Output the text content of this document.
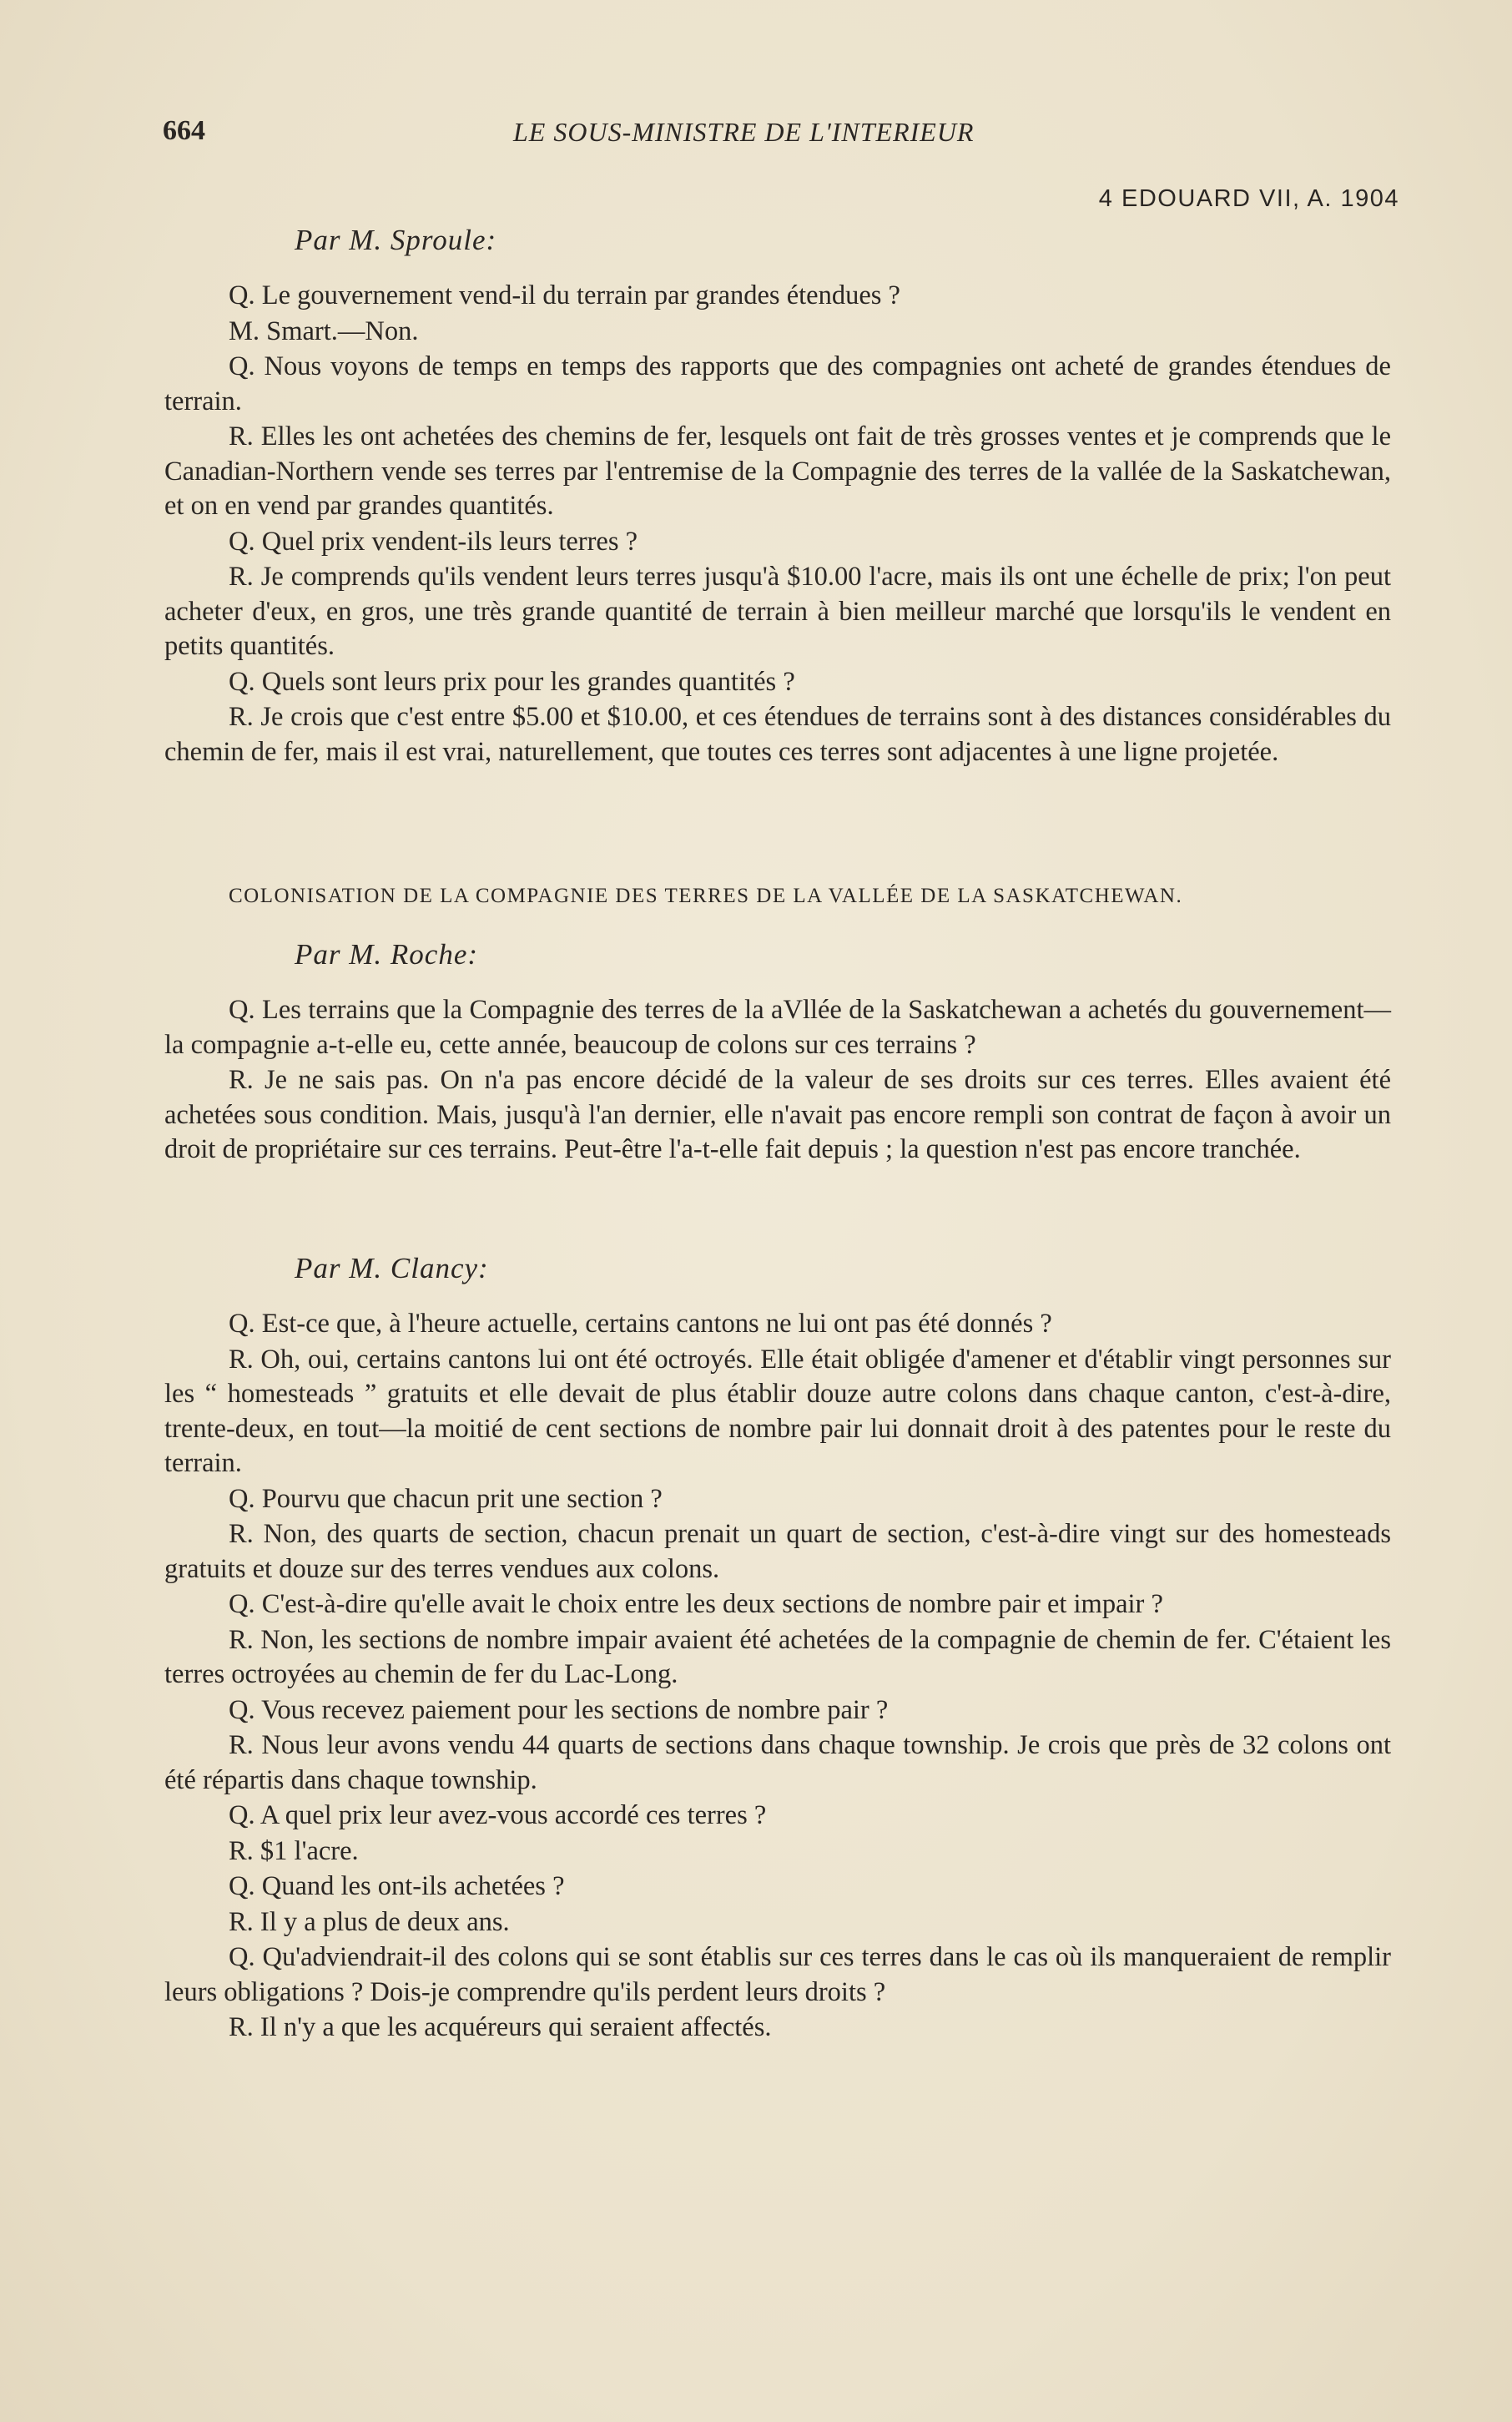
664	LE SOUS-MINISTRE DE L'INTERIEUR
4 EDOUARD VII, A. 1904
Par M. Sproule:

Q. Le gouvernement vend-il du terrain par grandes étendues ?

M. Smart.—Non.

Q. Nous voyons de temps en temps des rapports que des compagnies ont acheté de grandes étendues de terrain.

R. Elles les ont achetées des chemins de fer, lesquels ont fait de très grosses ventes et je comprends que le Canadian-Northern vende ses terres par l'entremise de la Compagnie des terres de la vallée de la Saskatchewan, et on en vend par grandes quantités.

Q. Quel prix vendent-ils leurs terres ?

R. Je comprends qu'ils vendent leurs terres jusqu'à $10.00 l'acre, mais ils ont une échelle de prix; l'on peut acheter d'eux, en gros, une très grande quantité de terrain à bien meilleur marché que lorsqu'ils le vendent en petits quantités.

Q. Quels sont leurs prix pour les grandes quantités ?

R. Je crois que c'est entre $5.00 et $10.00, et ces étendues de terrains sont à des distances considérables du chemin de fer, mais il est vrai, naturellement, que toutes ces terres sont adjacentes à une ligne projetée.

COLONISATION DE LA COMPAGNIE DES TERRES DE LA VALLÉE DE LA SASKATCHEWAN.
Par M. Roche:

Q. Les terrains que la Compagnie des terres de la aVllée de la Saskatchewan a achetés du gouvernement—la compagnie a-t-elle eu, cette année, beaucoup de colons sur ces terrains ?

R. Je ne sais pas. On n'a pas encore décidé de la valeur de ses droits sur ces terres. Elles avaient été achetées sous condition. Mais, jusqu'à l'an dernier, elle n'avait pas encore rempli son contrat de façon à avoir un droit de propriétaire sur ces terrains. Peut-être l'a-t-elle fait depuis ; la question n'est pas encore tranchée.

Par M. Clancy:

Q. Est-ce que, à l'heure actuelle, certains cantons ne lui ont pas été donnés ?

R. Oh, oui, certains cantons lui ont été octroyés. Elle était obligée d'amener et d'établir vingt personnes sur les “ homesteads ” gratuits et elle devait de plus établir douze autre colons dans chaque canton, c'est-à-dire, trente-deux, en tout—la moitié de cent sections de nombre pair lui donnait droit à des patentes pour le reste du terrain.

Q. Pourvu que chacun prit une section ?

R. Non, des quarts de section, chacun prenait un quart de section, c'est-à-dire vingt sur des homesteads gratuits et douze sur des terres vendues aux colons.

Q. C'est-à-dire qu'elle avait le choix entre les deux sections de nombre pair et impair ?

R. Non, les sections de nombre impair avaient été achetées de la compagnie de chemin de fer. C'étaient les terres octroyées au chemin de fer du Lac-Long.

Q. Vous recevez paiement pour les sections de nombre pair ?

R. Nous leur avons vendu 44 quarts de sections dans chaque township. Je crois que près de 32 colons ont été répartis dans chaque township.

Q. A quel prix leur avez-vous accordé ces terres ?

R. $1 l'acre.

Q. Quand les ont-ils achetées ?

R. Il y a plus de deux ans.

Q. Qu'adviendrait-il des colons qui se sont établis sur ces terres dans le cas où ils manqueraient de remplir leurs obligations ? Dois-je comprendre qu'ils perdent leurs droits ?

R. Il n'y a que les acquéreurs qui seraient affectés.
